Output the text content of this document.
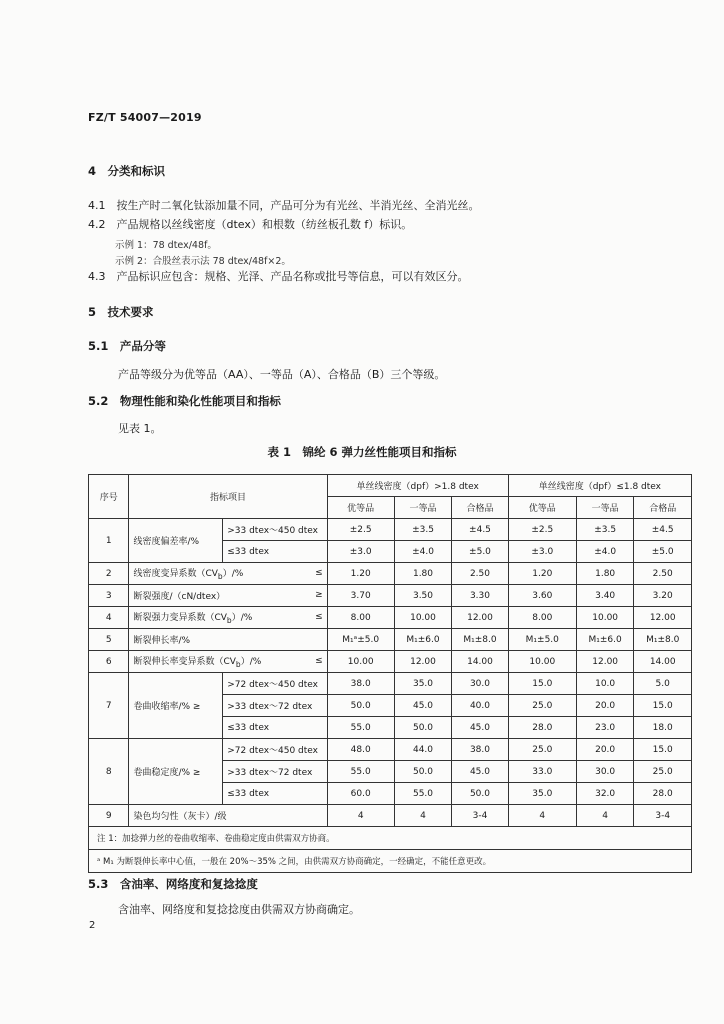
FZ/T 54007—2019
4　分类和标识
4.1　按生产时二氧化钛添加量不同，产品可分为有光丝、半消光丝、全消光丝。
4.2　产品规格以丝线密度（dtex）和根数（纺丝板孔数 f）标识。
示例 1：78 dtex/48f。
示例 2：合股丝表示法 78 dtex/48f×2。
4.3　产品标识应包含：规格、光泽、产品名称或批号等信息，可以有效区分。
5　技术要求
5.1　产品分等
产品等级分为优等品（AA）、一等品（A）、合格品（B）三个等级。
5.2　物理性能和染化性能项目和指标
见表 1。
表 1　锦纶 6 弹力丝性能项目和指标
序号	指标项目		单丝线密度（dpf）>1.8 dtex			单丝线密度（dpf）≤1.8 dtex		
			优等品	一等品	合格品	优等品	一等品	合格品
1	线密度偏差率/%	>33 dtex～450 dtex	±2.5	±3.5	±4.5	±2.5	±3.5	±4.5
		≤33 dtex	±3.0	±4.0	±5.0	±3.0	±4.0	±5.0
2	线密度变异系数$(CV_b)/\%$ ≤		1.20	1.80	2.50	1.20	1.80	2.50
3	断裂强度/（cN/dtex） ≥		3.70	3.50	3.30	3.60	3.40	3.20
4	断裂强力变异系数$(CV_b)/\%$ ≤		8.00	10.00	12.00	8.00	10.00	12.00
5	断裂伸长率/%		M₁ᵃ±5.0	M₁±6.0	M₁±8.0	M₁±5.0	M₁±6.0	M₁±8.0
6	断裂伸长率变异系数$(CV_b)/\%$ ≤		10.00	12.00	14.00	10.00	12.00	14.00
7	卷曲收缩率/% ≥	>72 dtex～450 dtex	38.0	35.0	30.0	15.0	10.0	5.0
		>33 dtex～72 dtex	50.0	45.0	40.0	25.0	20.0	15.0
		≤33 dtex	55.0	50.0	45.0	28.0	23.0	18.0
8	卷曲稳定度/% ≥	>72 dtex～450 dtex	48.0	44.0	38.0	25.0	20.0	15.0
		>33 dtex～72 dtex	55.0	50.0	45.0	33.0	30.0	25.0
		≤33 dtex	60.0	55.0	50.0	35.0	32.0	28.0
9	染色均匀性（灰卡）/级		4	4	3-4	4	4	3-4
注 1：加捻弹力丝的卷曲收缩率、卷曲稳定度由供需双方协商。								
ᵃ M₁ 为断裂伸长率中心值，一般在 20%～35% 之间，由供需双方协商确定，一经确定，不能任意更改。								
5.3　含油率、网络度和复捻捻度
含油率、网络度和复捻捻度由供需双方协商确定。
2
